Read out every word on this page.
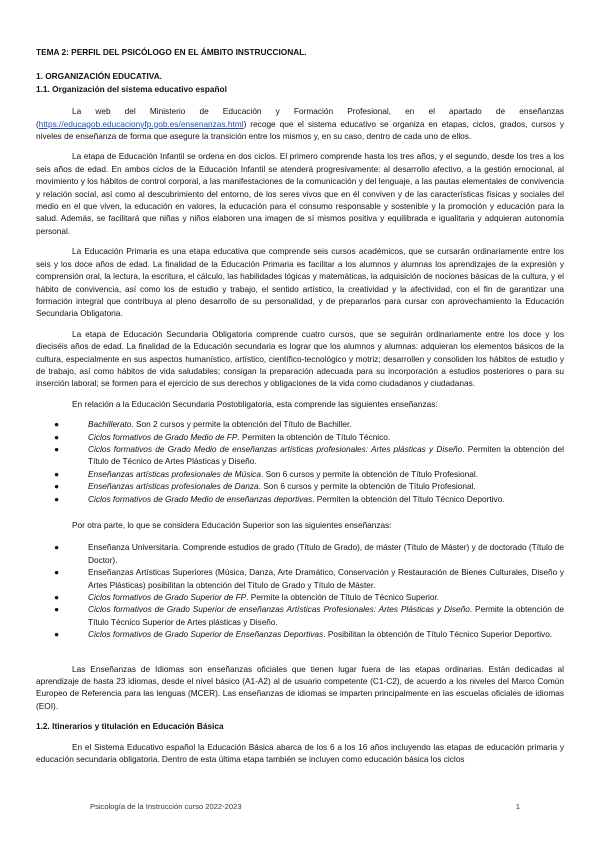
TEMA 2: PERFIL DEL PSICÓLOGO EN EL ÁMBITO INSTRUCCIONAL.

1. ORGANIZACIÓN EDUCATIVA.

1.1. Organización del sistema educativo español

La web del Ministerio de Educación y Formación Profesional, en el apartado de enseñanzas (https://educagob.educacionyfp.gob.es/ensenanzas.html) recoge que el sistema educativo se organiza en etapas, ciclos, grados, cursos y niveles de enseñanza de forma que asegure la transición entre los mismos y, en su caso, dentro de cada uno de ellos.

La etapa de Educación Infantil se ordena en dos ciclos. El primero comprende hasta los tres años, y el segundo, desde los tres a los seis años de edad. En ambos ciclos de la Educación Infantil se atenderá progresivamente: al desarrollo afectivo, a la gestión emocional, al movimiento y los hábitos de control corporal, a las manifestaciones de la comunicación y del lenguaje, a las pautas elementales de convivencia y relación social, así como al descubrimiento del entorno, de los seres vivos que en él conviven y de las características físicas y sociales del medio en el que viven, la educación en valores, la educación para el consumo responsable y sostenible y la promoción y educación para la salud. Además, se facilitará que niñas y niños elaboren una imagen de sí mismos positiva y equilibrada e igualitaria y adquieran autonomía personal.

La Educación Primaria es una etapa educativa que comprende seis cursos académicos, que se cursarán ordinariamente entre los seis y los doce años de edad. La finalidad de la Educación Primaria es facilitar a los alumnos y alumnas los aprendizajes de la expresión y comprensión oral, la lectura, la escritura, el cálculo, las habilidades lógicas y matemáticas, la adquisición de nociones básicas de la cultura, y el hábito de convivencia, así como los de estudio y trabajo, el sentido artístico, la creatividad y la afectividad, con el fin de garantizar una formación integral que contribuya al pleno desarrollo de su personalidad, y de prepararlos para cursar con aprovechamiento la Educación Secundaria Obligatoria.

La etapa de Educación Secundaria Obligatoria comprende cuatro cursos, que se seguirán ordinariamente entre los doce y los dieciséis años de edad. La finalidad de la Educación secundaria es lograr que los alumnos y alumnas: adquieran los elementos básicos de la cultura, especialmente en sus aspectos humanístico, artístico, científico-tecnológico y motriz; desarrollen y consoliden los hábitos de estudio y de trabajo, así como hábitos de vida saludables; consigan la preparación adecuada para su incorporación a estudios posteriores o para su inserción laboral; se formen para el ejercicio de sus derechos y obligaciones de la vida como ciudadanos y ciudadanas.

En relación a la Educación Secundaria Postobligatoria, esta comprende las siguientes enseñanzas:

●	Bachillerato. Son 2 cursos y permite la obtención del Título de Bachiller.
●	Ciclos formativos de Grado Medio de FP. Permiten la obtención de Título Técnico.
●	Ciclos formativos de Grado Medio de enseñanzas artísticas profesionales: Artes plásticas y Diseño. Permiten la obtención del Título de Técnico de Artes Plásticas y Diseño.
●	Enseñanzas artísticas profesionales de Música. Son 6 cursos y permite la obtención de Título Profesional.
●	Enseñanzas artísticas profesionales de Danza. Son 6 cursos y permite la obtención de Título Profesional.
●	Ciclos formativos de Grado Medio de enseñanzas deportivas. Permiten la obtención del Título Técnico Deportivo.

Por otra parte, lo que se considera Educación Superior son las siguientes enseñanzas:

●	Enseñanza Universitaria. Comprende estudios de grado (Título de Grado), de máster (Título de Máster) y de doctorado (Título de Doctor).
●	Enseñanzas Artísticas Superiores (Música, Danza, Arte Dramático, Conservación y Restauración de Bienes Culturales, Diseño y Artes Plásticas) posibilitan la obtención del Título de Grado y Título de Máster.
●	Ciclos formativos de Grado Superior de FP. Permite la obtención de Título de Técnico Superior.
●	Ciclos formativos de Grado Superior de enseñanzas Artísticas Profesionales: Artes Plásticas y Diseño. Permite la obtención de Título Técnico Superior de Artes plásticas y Diseño.
●	Ciclos formativos de Grado Superior de Enseñanzas Deportivas. Posibilitan la obtención de Título Técnico Superior Deportivo.

Las Enseñanzas de Idiomas son enseñanzas oficiales que tienen lugar fuera de las etapas ordinarias. Están dedicadas al aprendizaje de hasta 23 idiomas, desde el nivel básico (A1-A2) al de usuario competente (C1-C2), de acuerdo a los niveles del Marco Común Europeo de Referencia para las lenguas (MCER). Las enseñanzas de idiomas se imparten principalmente en las escuelas oficiales de idiomas (EOI).

1.2. Itinerarios y titulación en Educación Básica

En el Sistema Educativo español la Educación Básica abarca de los 6 a los 16 años incluyendo las etapas de educación primaria y educación secundaria obligatoria. Dentro de esta última etapa también se incluyen como educación básica los ciclos

Psicología de la Instrucción curso 2022-2023	1
